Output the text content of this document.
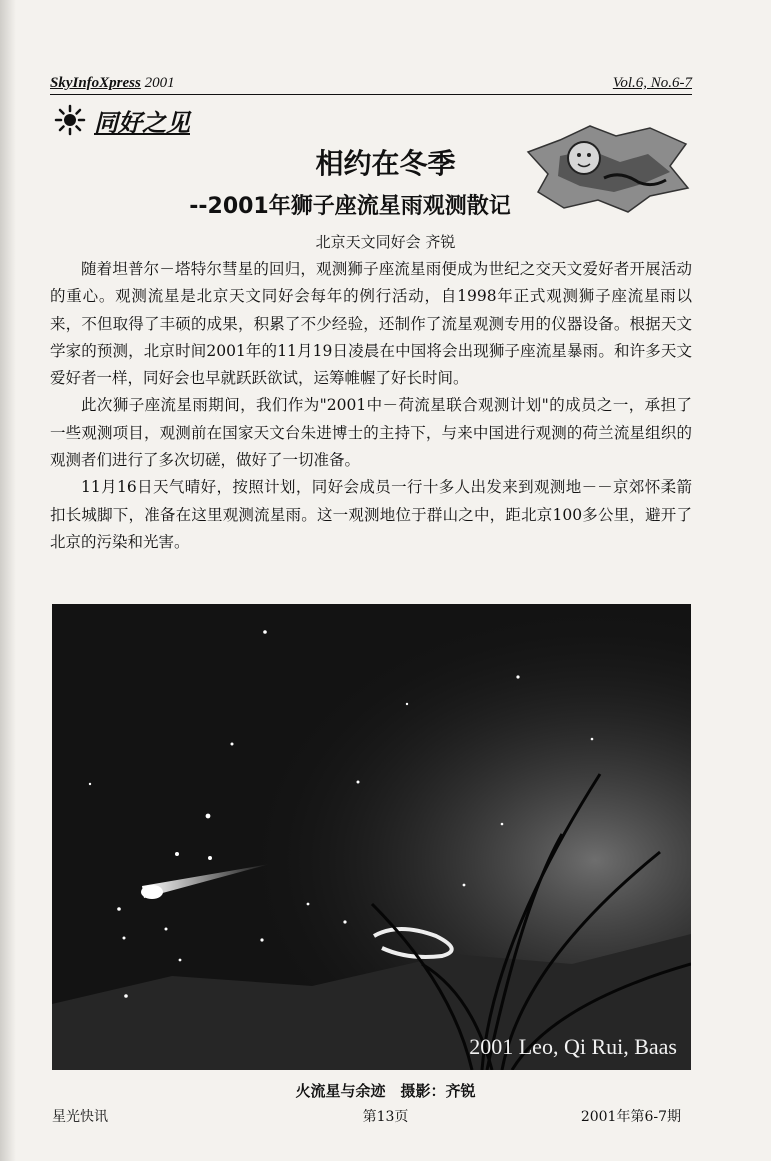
SkyInfoXpress 2001	Vol.6, No.6-7
同好之见
相约在冬季
--2001年狮子座流星雨观测散记
北京天文同好会 齐锐

随着坦普尔－塔特尔彗星的回归，观测狮子座流星雨便成为世纪之交天文爱好者开展活动的重心。观测流星是北京天文同好会每年的例行活动，自1998年正式观测狮子座流星雨以来，不但取得了丰硕的成果，积累了不少经验，还制作了流星观测专用的仪器设备。根据天文学家的预测，北京时间2001年的11月19日凌晨在中国将会出现狮子座流星暴雨。和许多天文爱好者一样，同好会也早就跃跃欲试，运筹帷幄了好长时间。

此次狮子座流星雨期间，我们作为"2001中－荷流星联合观测计划"的成员之一，承担了一些观测项目，观测前在国家天文台朱进博士的主持下，与来中国进行观测的荷兰流星组织的观测者们进行了多次切磋，做好了一切准备。

11月16日天气晴好，按照计划，同好会成员一行十多人出发来到观测地－－京郊怀柔箭扣长城脚下，准备在这里观测流星雨。这一观测地位于群山之中，距北京100多公里，避开了北京的污染和光害。

2001 Leo, Qi Rui, Baas
火流星与余迹　摄影：齐锐
星光快讯	第13页	2001年第6-7期
